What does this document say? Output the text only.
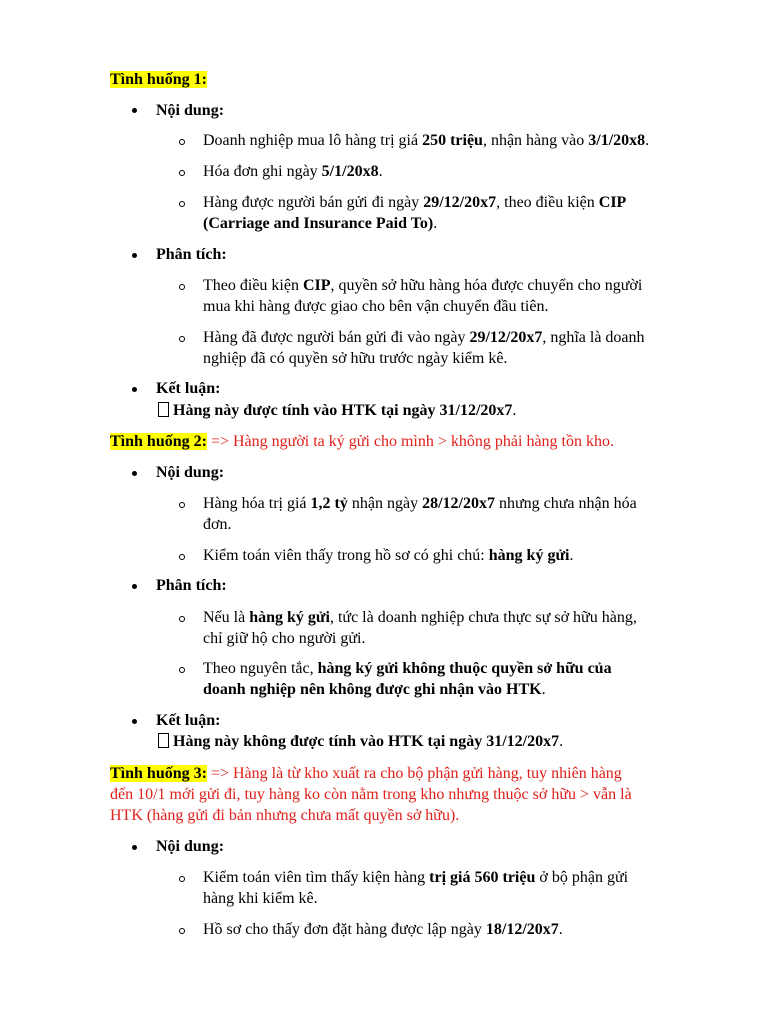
Tình huống 1:
Nội dung:
Doanh nghiệp mua lô hàng trị giá 250 triệu, nhận hàng vào 3/1/20x8.
Hóa đơn ghi ngày 5/1/20x8.
Hàng được người bán gửi đi ngày 29/12/20x7, theo điều kiện CIP
(Carriage and Insurance Paid To).
Phân tích:
Theo điều kiện CIP, quyền sở hữu hàng hóa được chuyển cho người
mua khi hàng được giao cho bên vận chuyển đầu tiên.
Hàng đã được người bán gửi đi vào ngày 29/12/20x7, nghĩa là doanh
nghiệp đã có quyền sở hữu trước ngày kiểm kê.
Kết luận:
Hàng này được tính vào HTK tại ngày 31/12/20x7.
Tình huống 2: => Hàng người ta ký gửi cho mình > không phải hàng tồn kho.
Nội dung:
Hàng hóa trị giá 1,2 tỷ nhận ngày 28/12/20x7 nhưng chưa nhận hóa
đơn.
Kiểm toán viên thấy trong hồ sơ có ghi chú: hàng ký gửi.
Phân tích:
Nếu là hàng ký gửi, tức là doanh nghiệp chưa thực sự sở hữu hàng,
chỉ giữ hộ cho người gửi.
Theo nguyên tắc, hàng ký gửi không thuộc quyền sở hữu của
doanh nghiệp nên không được ghi nhận vào HTK.
Kết luận:
Hàng này không được tính vào HTK tại ngày 31/12/20x7.
Tình huống 3: => Hàng là từ kho xuất ra cho bộ phận gửi hàng, tuy nhiên hàng
đến 10/1 mới gửi đi, tuy hàng ko còn nằm trong kho nhưng thuộc sở hữu > vẫn là
HTK (hàng gửi đi bản nhưng chưa mất quyền sở hữu).
Nội dung:
Kiểm toán viên tìm thấy kiện hàng trị giá 560 triệu ở bộ phận gửi
hàng khi kiểm kê.
Hồ sơ cho thấy đơn đặt hàng được lập ngày 18/12/20x7.
